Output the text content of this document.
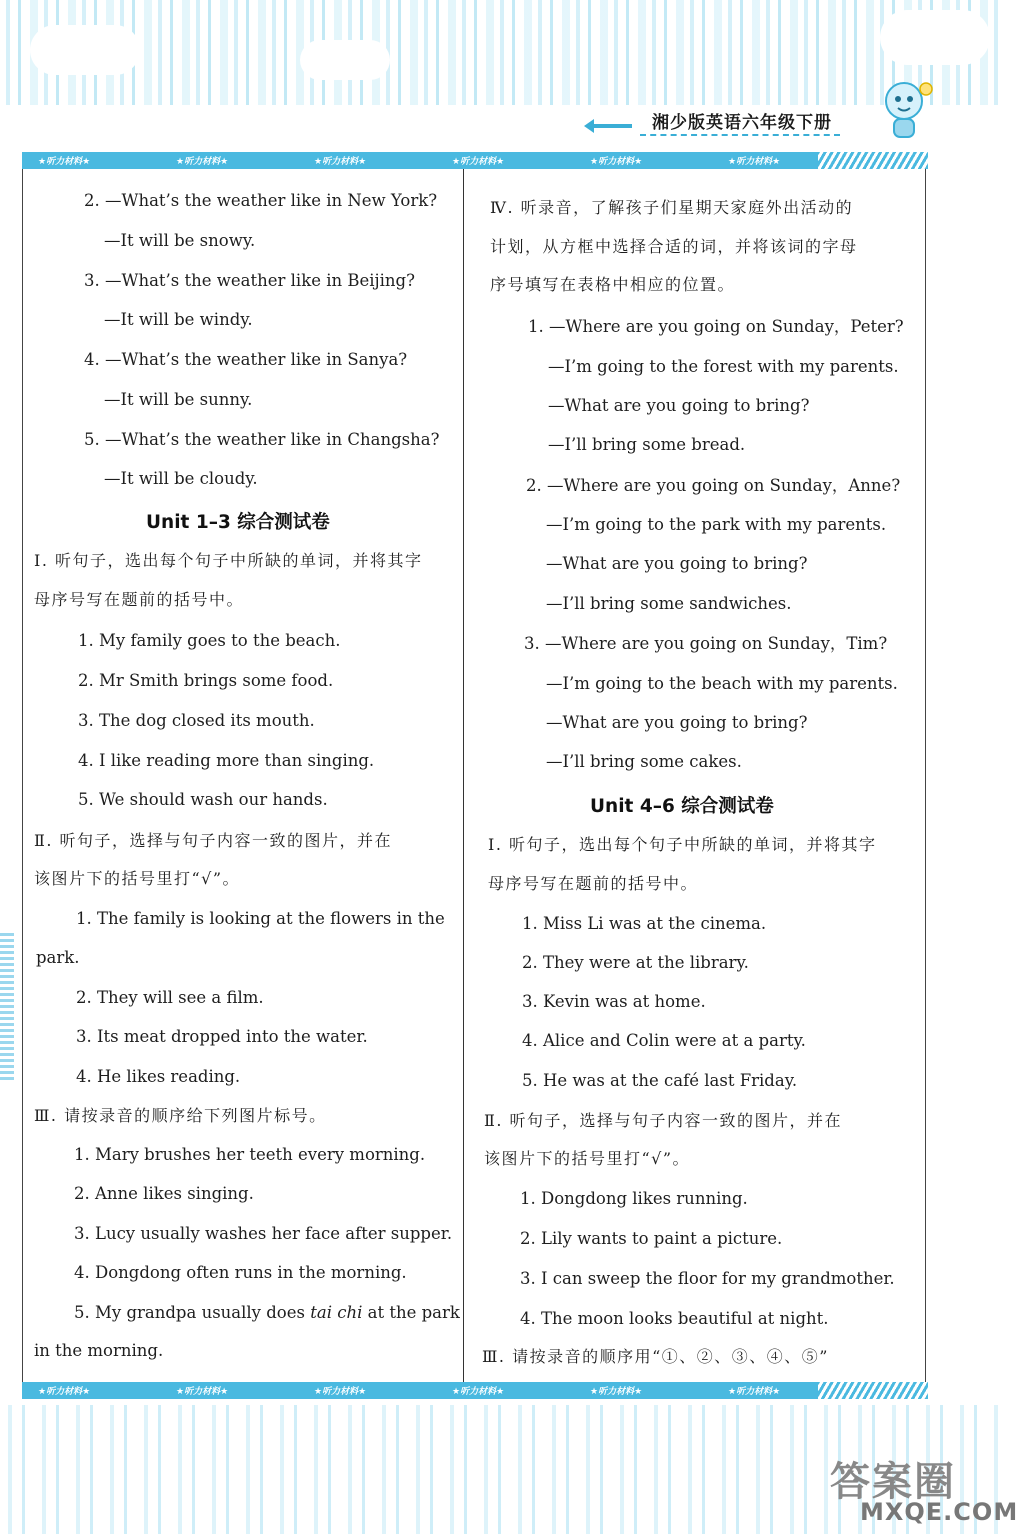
湘少版英语六年级下册
★听力材料★	★听力材料★	★听力材料★	★听力材料★	★听力材料★	★听力材料★
2. —What’s the weather like in New York?
—It will be snowy.
3. —What’s the weather like in Beijing?
—It will be windy.
4. —What’s the weather like in Sanya?
—It will be sunny.
5. —What’s the weather like in Changsha?
—It will be cloudy.
Unit 1–3 综合测试卷
Ⅰ. 听句子，选出每个句子中所缺的单词，并将其字
母序号写在题前的括号中。
1. My family goes to the beach.
2. Mr Smith brings some food.
3. The dog closed its mouth.
4. I like reading more than singing.
5. We should wash our hands.
Ⅱ. 听句子，选择与句子内容一致的图片，并在
该图片下的括号里打“√”。
1. The family is looking at the flowers in the
park.
2. They will see a film.
3. Its meat dropped into the water.
4. He likes reading.
Ⅲ. 请按录音的顺序给下列图片标号。
1. Mary brushes her teeth every morning.
2. Anne likes singing.
3. Lucy usually washes her face after supper.
4. Dongdong often runs in the morning.
5. My grandpa usually does tai chi at the park
in the morning.
Ⅳ. 听录音，了解孩子们星期天家庭外出活动的
计划，从方框中选择合适的词，并将该词的字母
序号填写在表格中相应的位置。
1. —Where are you going on Sunday，Peter?
—I’m going to the forest with my parents.
—What are you going to bring?
—I’ll bring some bread.
2. —Where are you going on Sunday，Anne?
—I’m going to the park with my parents.
—What are you going to bring?
—I’ll bring some sandwiches.
3. —Where are you going on Sunday，Tim?
—I’m going to the beach with my parents.
—What are you going to bring?
—I’ll bring some cakes.
Unit 4–6 综合测试卷
Ⅰ. 听句子，选出每个句子中所缺的单词，并将其字
母序号写在题前的括号中。
1. Miss Li was at the cinema.
2. They were at the library.
3. Kevin was at home.
4. Alice and Colin were at a party.
5. He was at the café last Friday.
Ⅱ. 听句子，选择与句子内容一致的图片，并在
该图片下的括号里打“√”。
1. Dongdong likes running.
2. Lily wants to paint a picture.
3. I can sweep the floor for my grandmother.
4. The moon looks beautiful at night.
Ⅲ. 请按录音的顺序用“①、②、③、④、⑤”
★听力材料★	★听力材料★	★听力材料★	★听力材料★	★听力材料★	★听力材料★
答案圈
MXQE.COM
